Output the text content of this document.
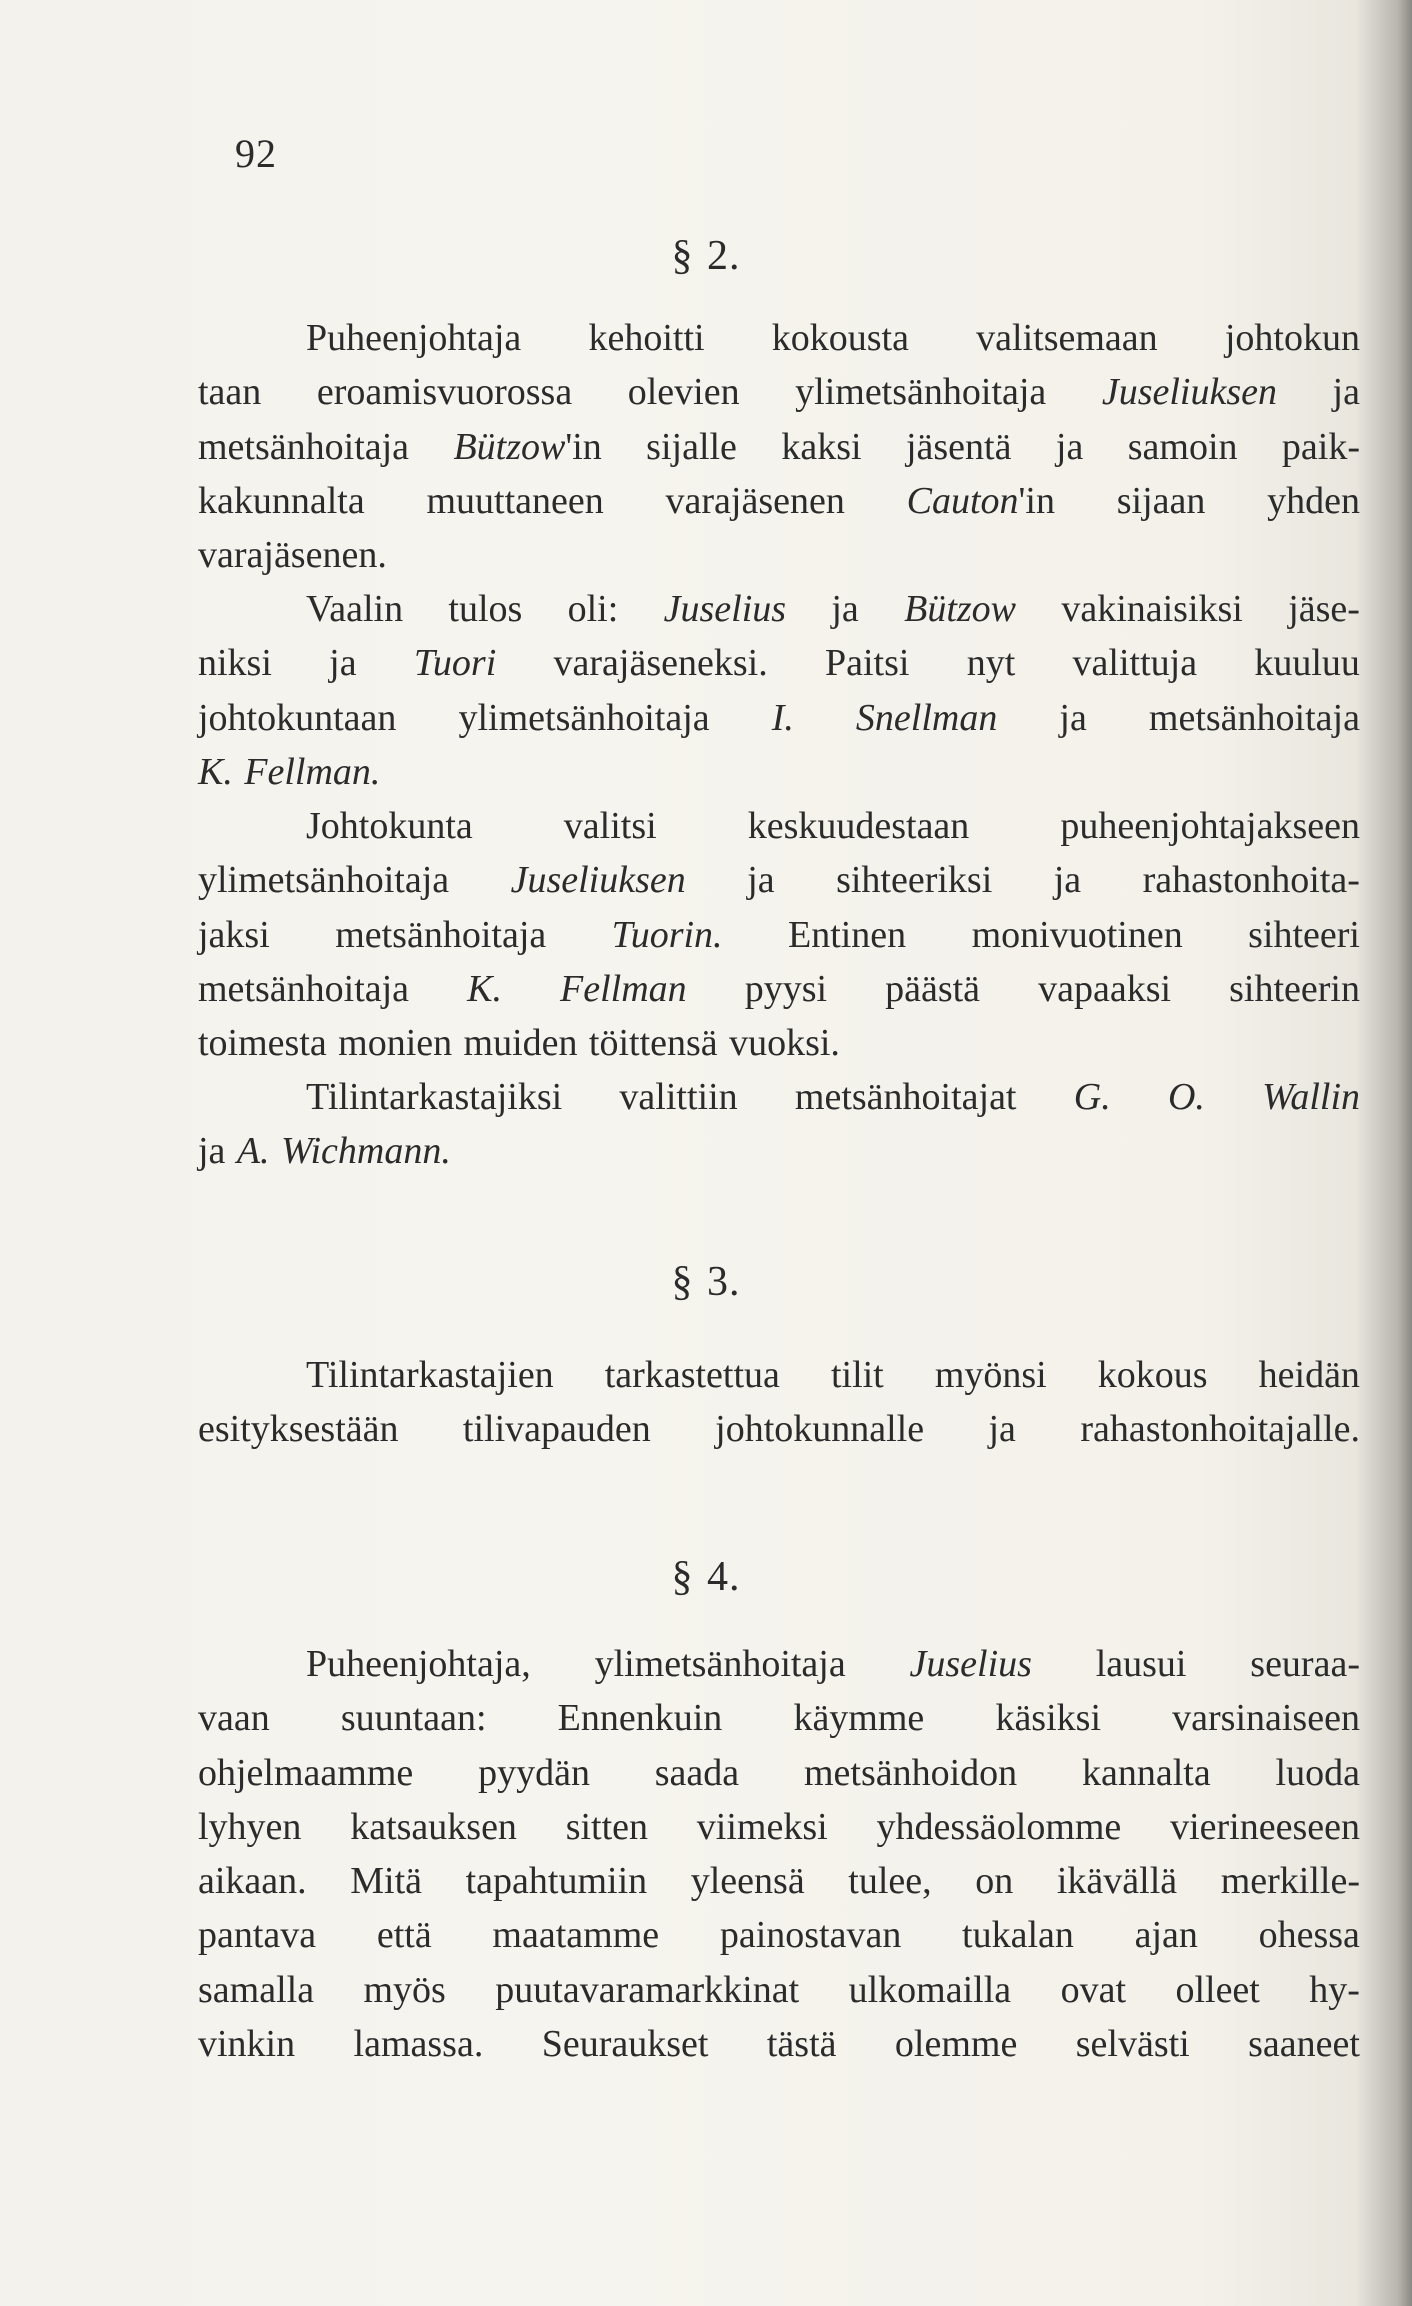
92
§ 2.
Puheenjohtaja kehoitti kokousta valitsemaan johtokun
taan eroamisvuorossa olevien ylimetsänhoitaja Juseliuksen ja
metsänhoitaja Bützow'in sijalle kaksi jäsentä ja samoin paik-
kakunnalta muuttaneen varajäsenen Cauton'in sijaan yhden
varajäsenen.
Vaalin tulos oli: Juselius ja Bützow vakinaisiksi jäse-
niksi ja Tuori varajäseneksi. Paitsi nyt valittuja kuuluu
johtokuntaan ylimetsänhoitaja I. Snellman ja metsänhoitaja
K. Fellman.
Johtokunta valitsi keskuudestaan puheenjohtajakseen
ylimetsänhoitaja Juseliuksen ja sihteeriksi ja rahastonhoita-
jaksi metsänhoitaja Tuorin. Entinen monivuotinen sihteeri
metsänhoitaja K. Fellman pyysi päästä vapaaksi sihteerin
toimesta monien muiden töittensä vuoksi.
Tilintarkastajiksi valittiin metsänhoitajat G. O. Wallin
ja A. Wichmann.
§ 3.
Tilintarkastajien tarkastettua tilit myönsi kokous heidän
esityksestään tilivapauden johtokunnalle ja rahastonhoitajalle.
§ 4.
Puheenjohtaja, ylimetsänhoitaja Juselius lausui seuraa-
vaan suuntaan: Ennenkuin käymme käsiksi varsinaiseen
ohjelmaamme pyydän saada metsänhoidon kannalta luoda
lyhyen katsauksen sitten viimeksi yhdessäolomme vierineeseen
aikaan. Mitä tapahtumiin yleensä tulee, on ikävällä merkille-
pantava että maatamme painostavan tukalan ajan ohessa
samalla myös puutavaramarkkinat ulkomailla ovat olleet hy-
vinkin lamassa. Seuraukset tästä olemme selvästi saaneet
